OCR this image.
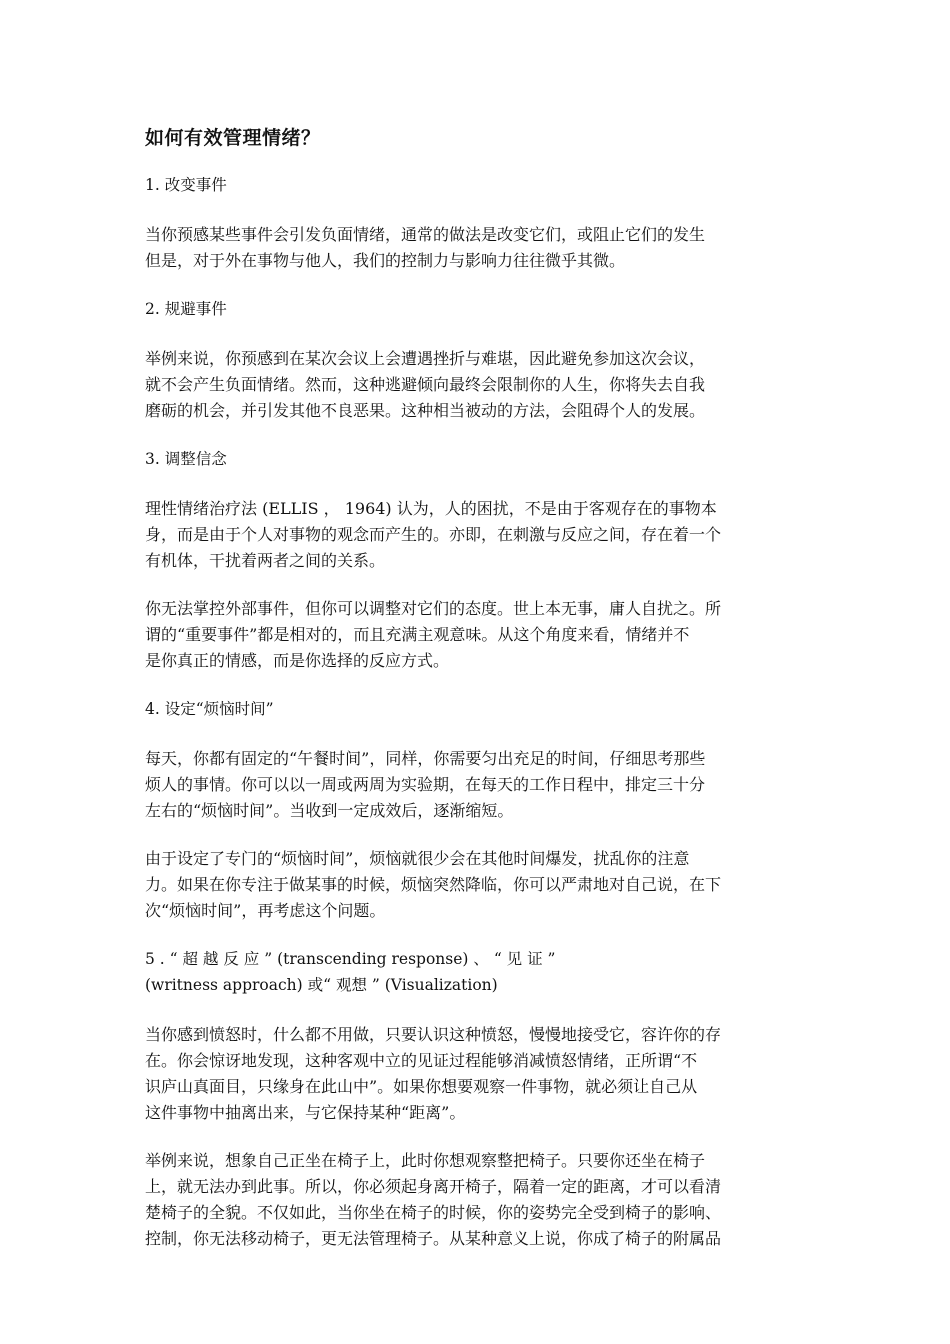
如何有效管理情绪？
1. 改变事件
当你预感某些事件会引发负面情绪，通常的做法是改变它们，或阻止它们的发生
但是，对于外在事物与他人，我们的控制力与影响力往往微乎其微。
2. 规避事件
举例来说，你预感到在某次会议上会遭遇挫折与难堪，因此避免参加这次会议，
就不会产生负面情绪。然而，这种逃避倾向最终会限制你的人生，你将失去自我
磨砺的机会，并引发其他不良恶果。这种相当被动的方法，会阻碍个人的发展。
3. 调整信念
理性情绪治疗法 (ELLIS ， 1964) 认为，人的困扰，不是由于客观存在的事物本
身，而是由于个人对事物的观念而产生的。亦即，在刺激与反应之间，存在着一个
有机体，干扰着两者之间的关系。
你无法掌控外部事件，但你可以调整对它们的态度。世上本无事，庸人自扰之。所
谓的“重要事件”都是相对的，而且充满主观意味。从这个角度来看，情绪并不
是你真正的情感，而是你选择的反应方式。
4. 设定“烦恼时间”
每天，你都有固定的“午餐时间”，同样，你需要匀出充足的时间，仔细思考那些
烦人的事情。你可以以一周或两周为实验期，在每天的工作日程中，排定三十分
左右的“烦恼时间”。当收到一定成效后，逐渐缩短。
由于设定了专门的“烦恼时间”，烦恼就很少会在其他时间爆发，扰乱你的注意
力。如果在你专注于做某事的时候，烦恼突然降临，你可以严肃地对自己说，在下
次“烦恼时间”，再考虑这个问题。
5 . “ 超 越 反 应 ” (transcending response) 、 “ 见 证 ”
(writness approach) 或“ 观想 ” (Visualization)
当你感到愤怒时，什么都不用做，只要认识这种愤怒，慢慢地接受它，容许你的存
在。你会惊讶地发现，这种客观中立的见证过程能够消减愤怒情绪，正所谓“不
识庐山真面目，只缘身在此山中”。如果你想要观察一件事物，就必须让自己从
这件事物中抽离出来，与它保持某种“距离”。
举例来说，想象自己正坐在椅子上，此时你想观察整把椅子。只要你还坐在椅子
上，就无法办到此事。所以，你必须起身离开椅子，隔着一定的距离，才可以看清
楚椅子的全貌。不仅如此，当你坐在椅子的时候，你的姿势完全受到椅子的影响、
控制，你无法移动椅子，更无法管理椅子。从某种意义上说，你成了椅子的附属品
